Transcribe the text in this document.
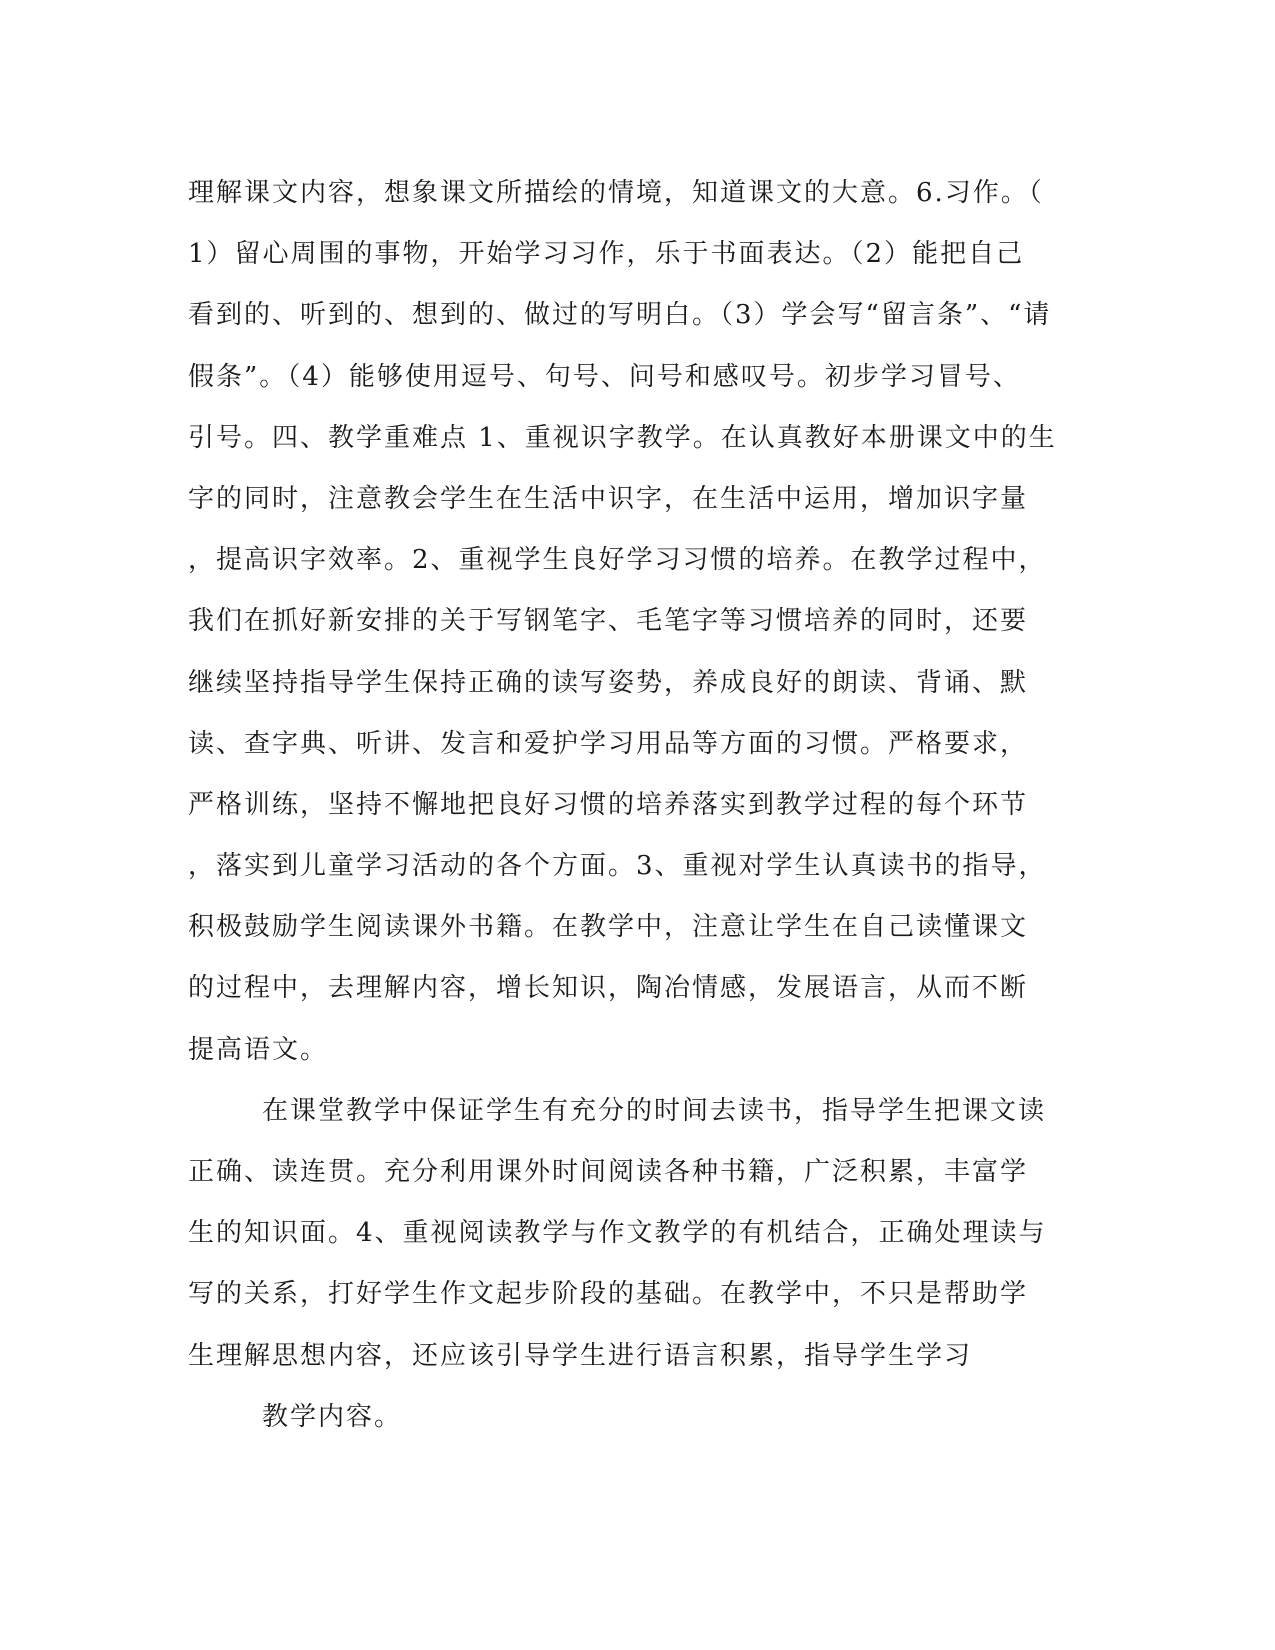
理解课文内容，想象课文所描绘的情境，知道课文的大意。6.习作。（
1）留心周围的事物，开始学习习作，乐于书面表达。（2）能把自己
看到的、听到的、想到的、做过的写明白。（3）学会写“留言条”、“请
假条”。（4）能够使用逗号、句号、问号和感叹号。初步学习冒号、
引号。四、教学重难点 1、重视识字教学。在认真教好本册课文中的生
字的同时，注意教会学生在生活中识字，在生活中运用，增加识字量
，提高识字效率。2、重视学生良好学习习惯的培养。在教学过程中，
我们在抓好新安排的关于写钢笔字、毛笔字等习惯培养的同时，还要
继续坚持指导学生保持正确的读写姿势，养成良好的朗读、背诵、默
读、查字典、听讲、发言和爱护学习用品等方面的习惯。严格要求，
严格训练，坚持不懈地把良好习惯的培养落实到教学过程的每个环节
，落实到儿童学习活动的各个方面。3、重视对学生认真读书的指导，
积极鼓励学生阅读课外书籍。在教学中，注意让学生在自己读懂课文
的过程中，去理解内容，增长知识，陶冶情感，发展语言，从而不断
提高语文。
在课堂教学中保证学生有充分的时间去读书，指导学生把课文读
正确、读连贯。充分利用课外时间阅读各种书籍，广泛积累，丰富学
生的知识面。4、重视阅读教学与作文教学的有机结合，正确处理读与
写的关系，打好学生作文起步阶段的基础。在教学中，不只是帮助学
生理解思想内容，还应该引导学生进行语言积累，指导学生学习
教学内容。
